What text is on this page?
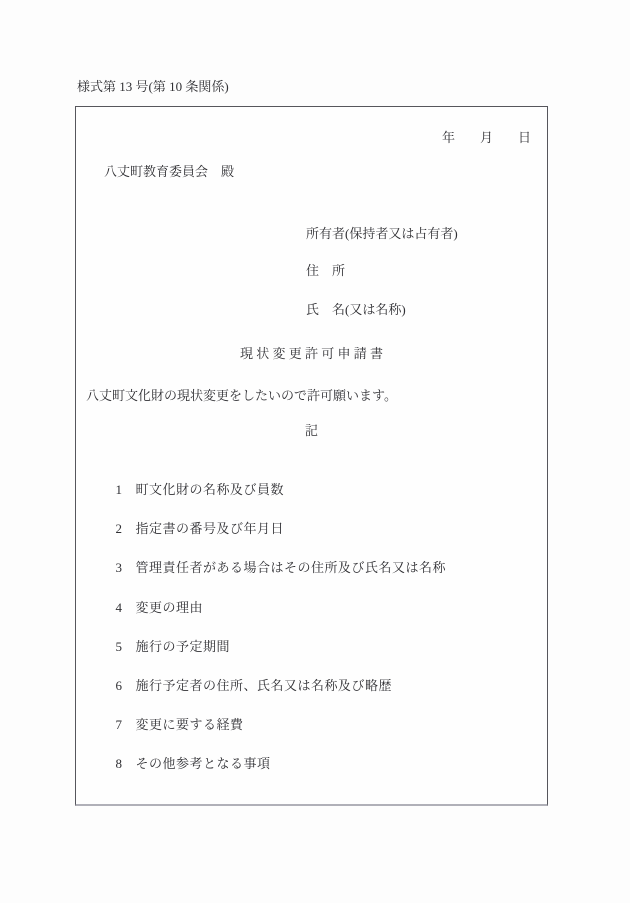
様式第 13 号(第 10 条関係)
年 月 日
八丈町教育委員会　殿
所有者(保持者又は占有者)
住　所
氏　名(又は名称)
現 状 変 更 許 可 申 請 書
八丈町文化財の現状変更をしたいので許可願います。
記

1 町文化財の名称及び員数

2 指定書の番号及び年月日

3 管理責任者がある場合はその住所及び氏名又は名称

4 変更の理由

5 施行の予定期間

6 施行予定者の住所、氏名又は名称及び略歴

7 変更に要する経費

8 その他参考となる事項
